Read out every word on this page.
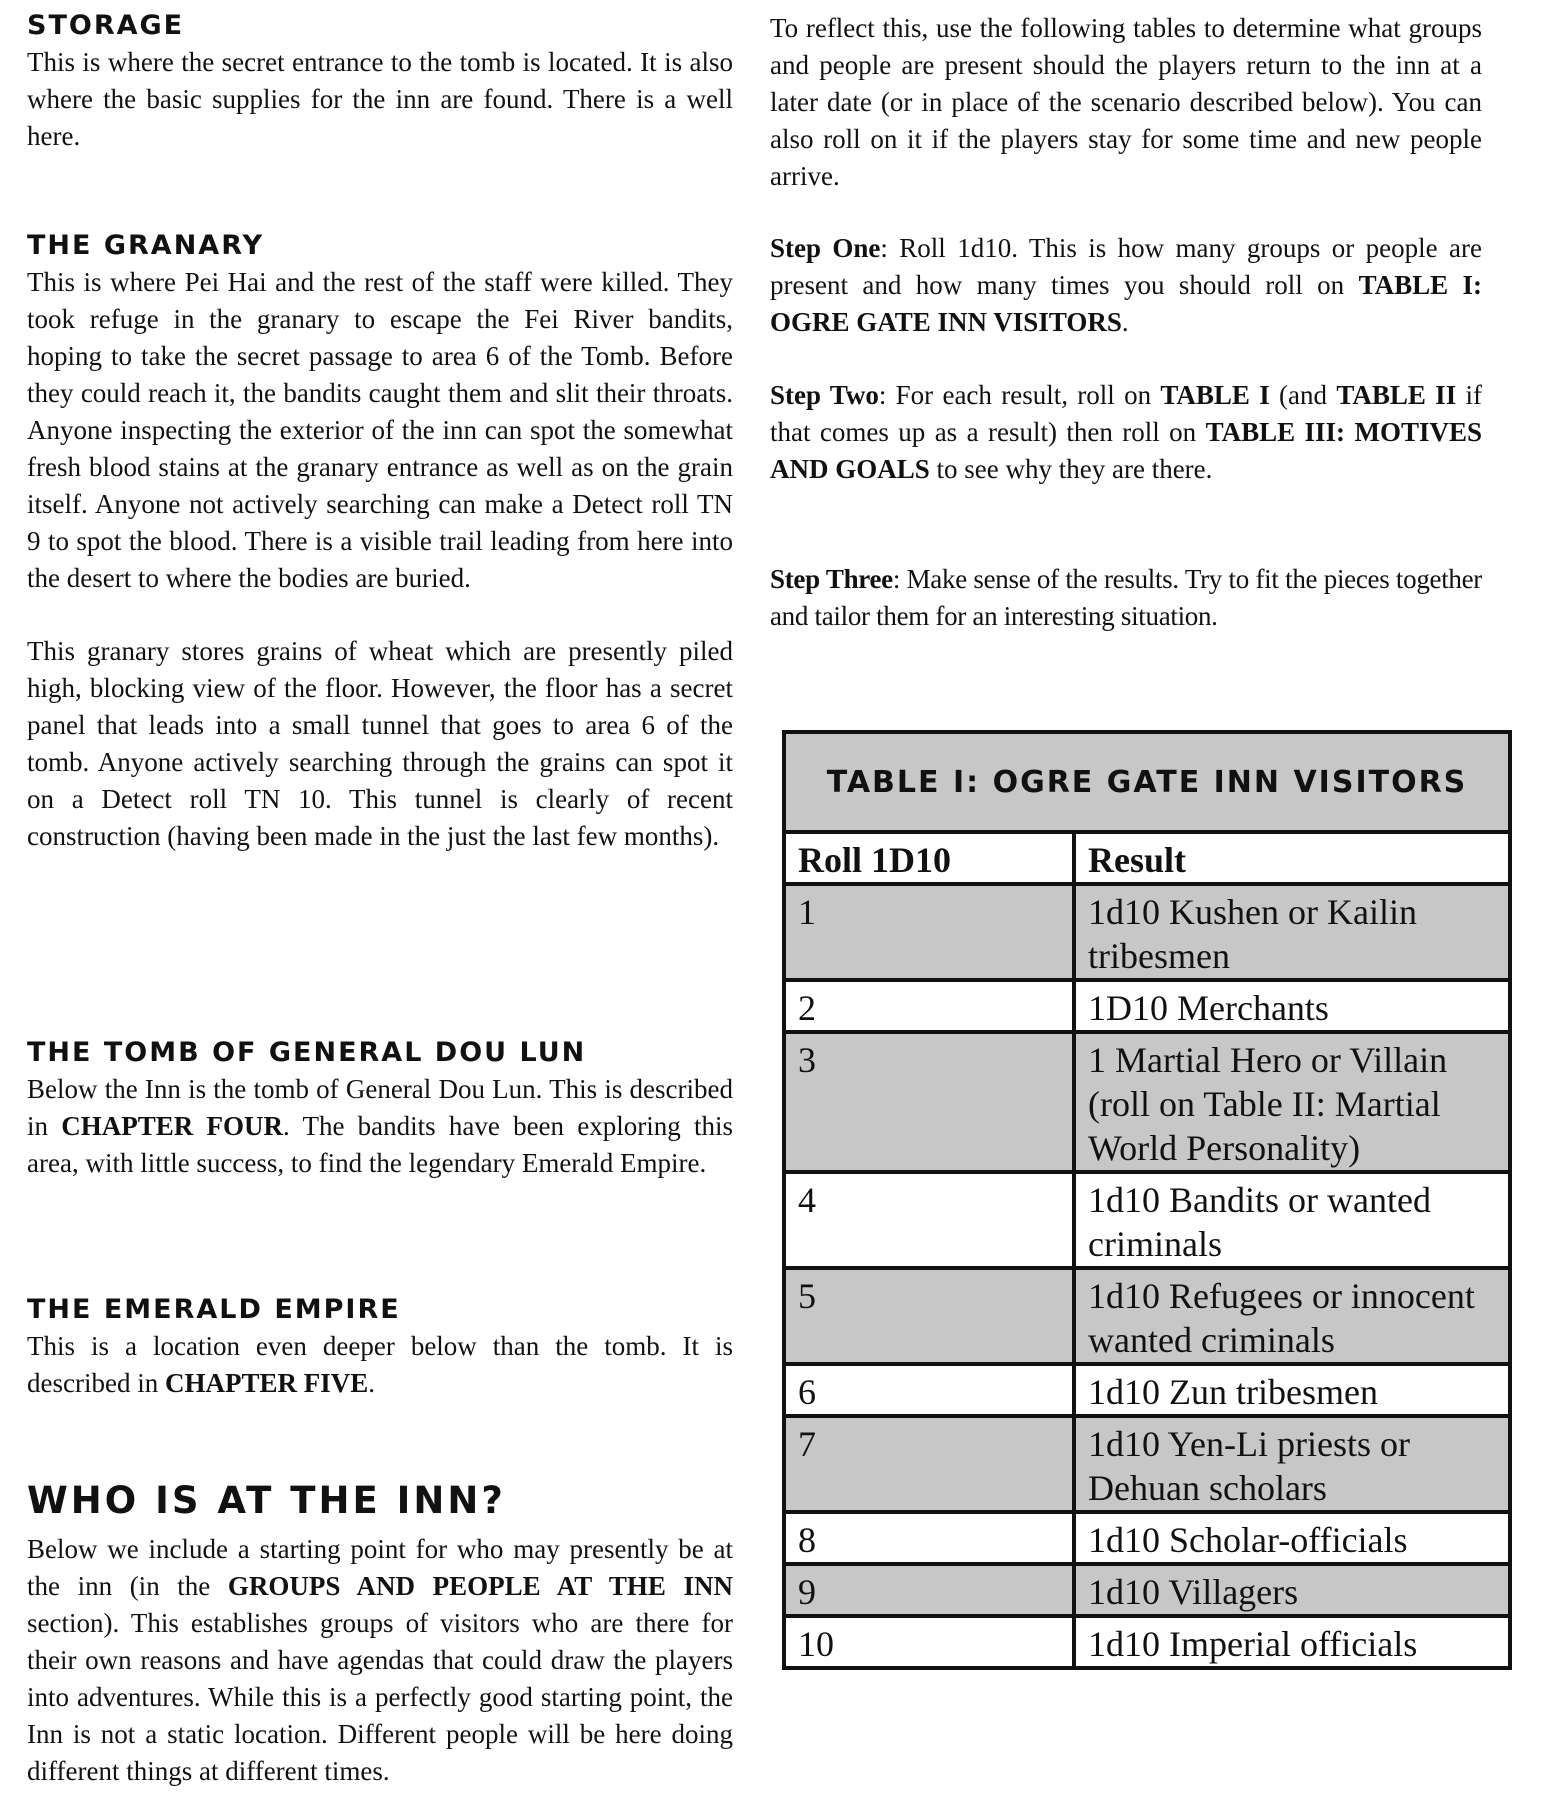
STORAGE

This is where the secret entrance to the tomb is located. It is also where the basic supplies for the inn are found. There is a well here.

THE GRANARY

This is where Pei Hai and the rest of the staff were killed. They took refuge in the granary to escape the Fei River bandits, hoping to take the secret passage to area 6 of the Tomb. Before they could reach it, the bandits caught them and slit their throats. Anyone inspecting the exterior of the inn can spot the somewhat fresh blood stains at the granary entrance as well as on the grain itself. Anyone not actively searching can make a Detect roll TN 9 to spot the blood. There is a visible trail leading from here into the desert to where the bodies are buried.

This granary stores grains of wheat which are presently piled high, blocking view of the floor. However, the floor has a secret panel that leads into a small tunnel that goes to area 6 of the tomb. Anyone actively searching through the grains can spot it on a Detect roll TN 10. This tunnel is clearly of recent construction (having been made in the just the last few months).

THE TOMB OF GENERAL DOU LUN

Below the Inn is the tomb of General Dou Lun. This is described in CHAPTER FOUR. The bandits have been exploring this area, with little success, to find the legendary Emerald Empire.

THE EMERALD EMPIRE

This is a location even deeper below than the tomb. It is described in CHAPTER FIVE.

WHO IS AT THE INN?

Below we include a starting point for who may presently be at the inn (in the GROUPS AND PEOPLE AT THE INN section). This establishes groups of visitors who are there for their own reasons and have agendas that could draw the players into adventures. While this is a perfectly good starting point, the Inn is not a static location. Different people will be here doing different things at different times.

To reflect this, use the following tables to determine what groups and people are present should the players return to the inn at a later date (or in place of the scenario described below). You can also roll on it if the players stay for some time and new people arrive.

Step One: Roll 1d10. This is how many groups or people are present and how many times you should roll on TABLE I: OGRE GATE INN VISITORS.

Step Two: For each result, roll on TABLE I (and TABLE II if that comes up as a result) then roll on TABLE III: MOTIVES AND GOALS to see why they are there.

Step Three: Make sense of the results. Try to fit the pieces together and tailor them for an interesting situation.

TABLE I: OGRE GATE INN VISITORS
Roll 1D10	Result
1	1d10 Kushen or Kailin tribesmen
2	1D10 Merchants
3	1 Martial Hero or Villain (roll on Table II: Martial World Personality)
4	1d10 Bandits or wanted criminals
5	1d10 Refugees or innocent wanted criminals
6	1d10 Zun tribesmen
7	1d10 Yen-Li priests or Dehuan scholars
8	1d10 Scholar-officials
9	1d10 Villagers
10	1d10 Imperial officials
